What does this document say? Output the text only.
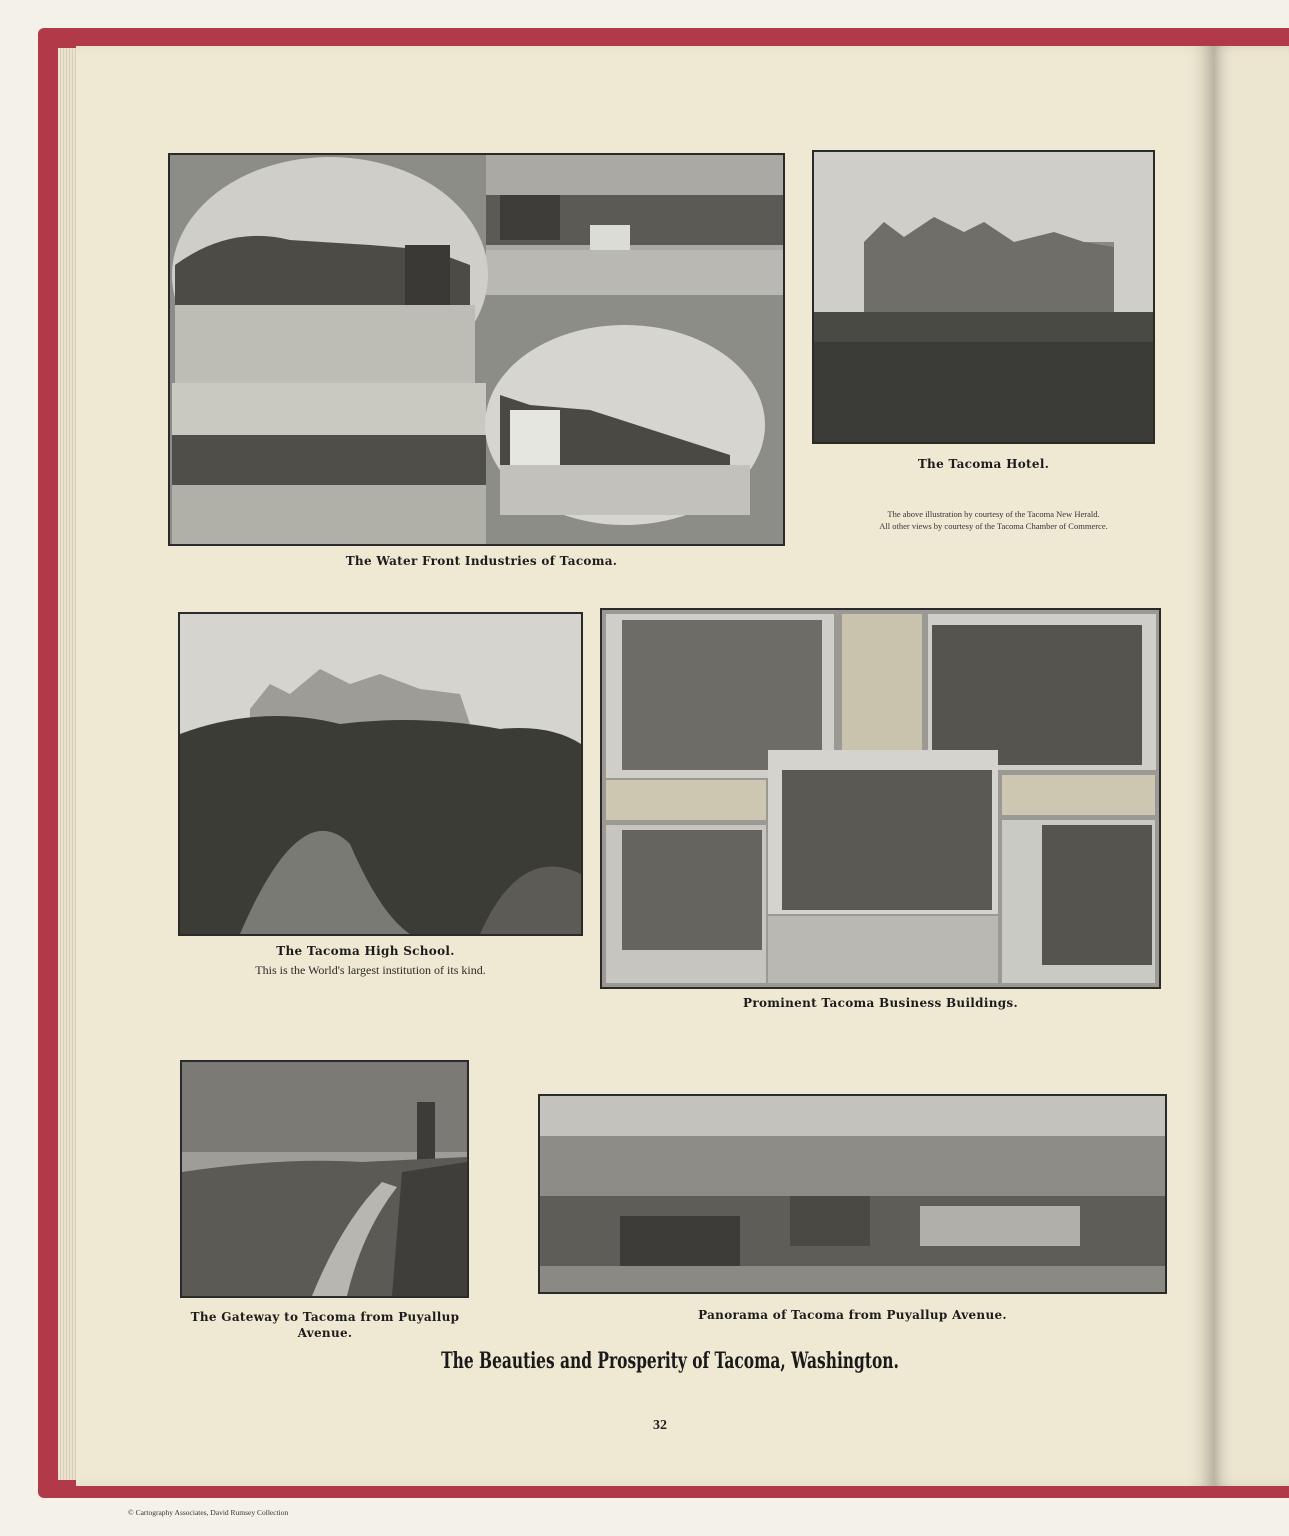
The Water Front Industries of Tacoma.
The Tacoma Hotel.
The above illustration by courtesy of the Tacoma New Herald.
All other views by courtesy of the Tacoma Chamber of Commerce.
The Tacoma High School.
This is the World's largest institution of its kind.
Prominent Tacoma Business Buildings.
The Gateway to Tacoma from Puyallup Avenue.
Panorama of Tacoma from Puyallup Avenue.
The Beauties and Prosperity of Tacoma, Washington.
32
© Cartography Associates, David Rumsey Collection
